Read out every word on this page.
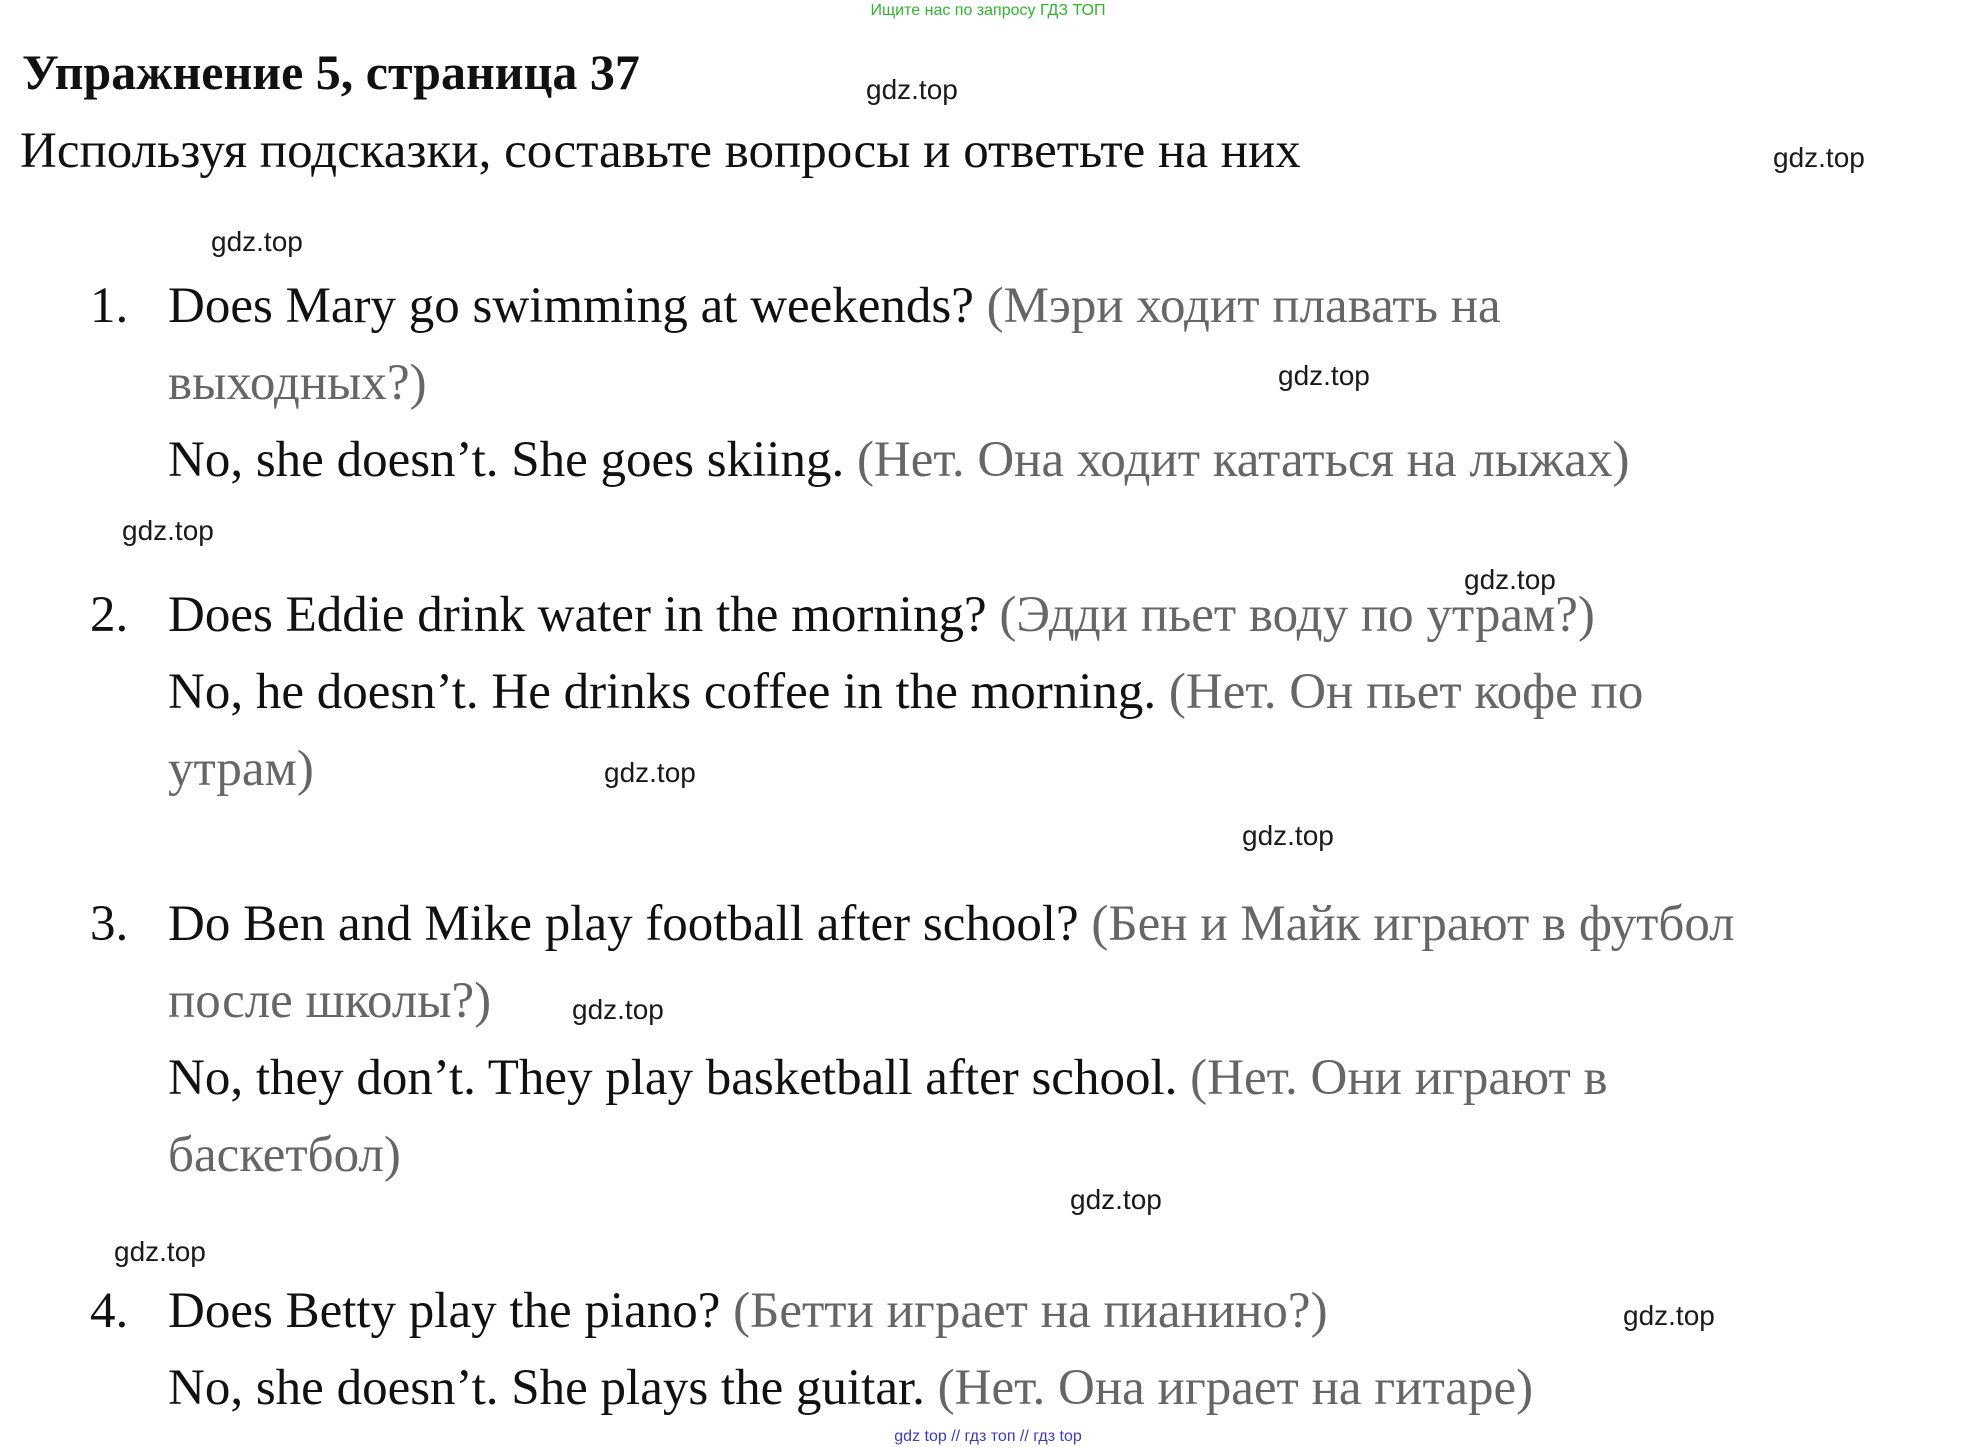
Ищите нас по запросу ГДЗ ТОП
Упражнение 5, страница 37
Используя подсказки, составьте вопросы и ответьте на них
1. Does Mary go swimming at weekends? (Мэри ходит плавать на
выходных?)
No, she doesn’t. She goes skiing. (Нет. Она ходит кататься на лыжах)
2. Does Eddie drink water in the morning? (Эдди пьет воду по утрам?)
No, he doesn’t. He drinks coffee in the morning. (Нет. Он пьет кофе по
утрам)
3. Do Ben and Mike play football after school? (Бен и Майк играют в футбол
после школы?)
No, they don’t. They play basketball after school. (Нет. Они играют в
баскетбол)
4. Does Betty play the piano? (Бетти играет на пианино?)
No, she doesn’t. She plays the guitar. (Нет. Она играет на гитаре)
gdz.top
gdz.top
gdz.top
gdz.top
gdz.top
gdz.top
gdz.top
gdz.top
gdz.top
gdz.top
gdz.top
gdz.top
gdz top // гдз топ // гдз top
